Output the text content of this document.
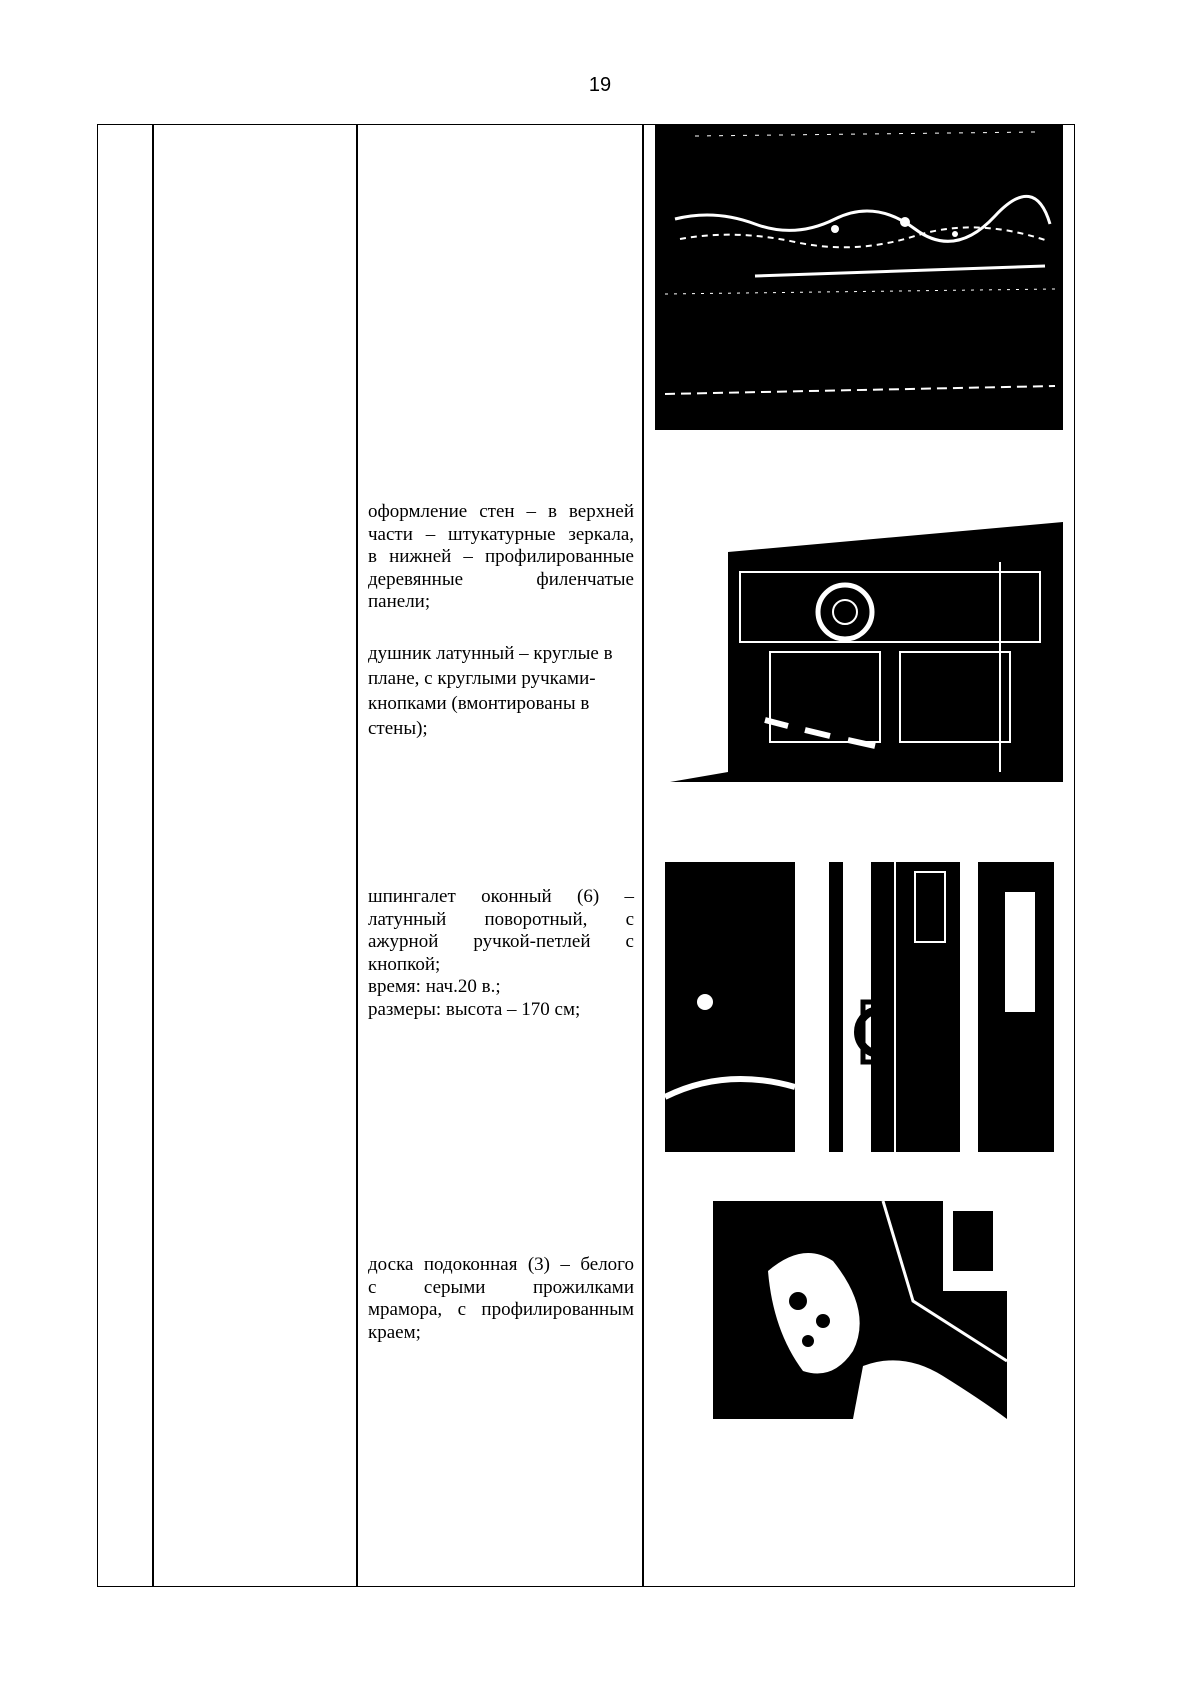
19
оформление стен – в верхней
части – штукатурные зеркала,
в нижней – профилированные
деревянные филенчатые
панели;
душник латунный – круглые в
плане, с круглыми ручками-
кнопками (вмонтированы в
стены);
шпингалет оконный (6) –
латунный поворотный, с
ажурной ручкой-петлей с
кнопкой;
время: нач.20 в.;
размеры: высота – 170 см;
доска подоконная (3) – белого
с серыми прожилками
мрамора, с профилированным
краем;
